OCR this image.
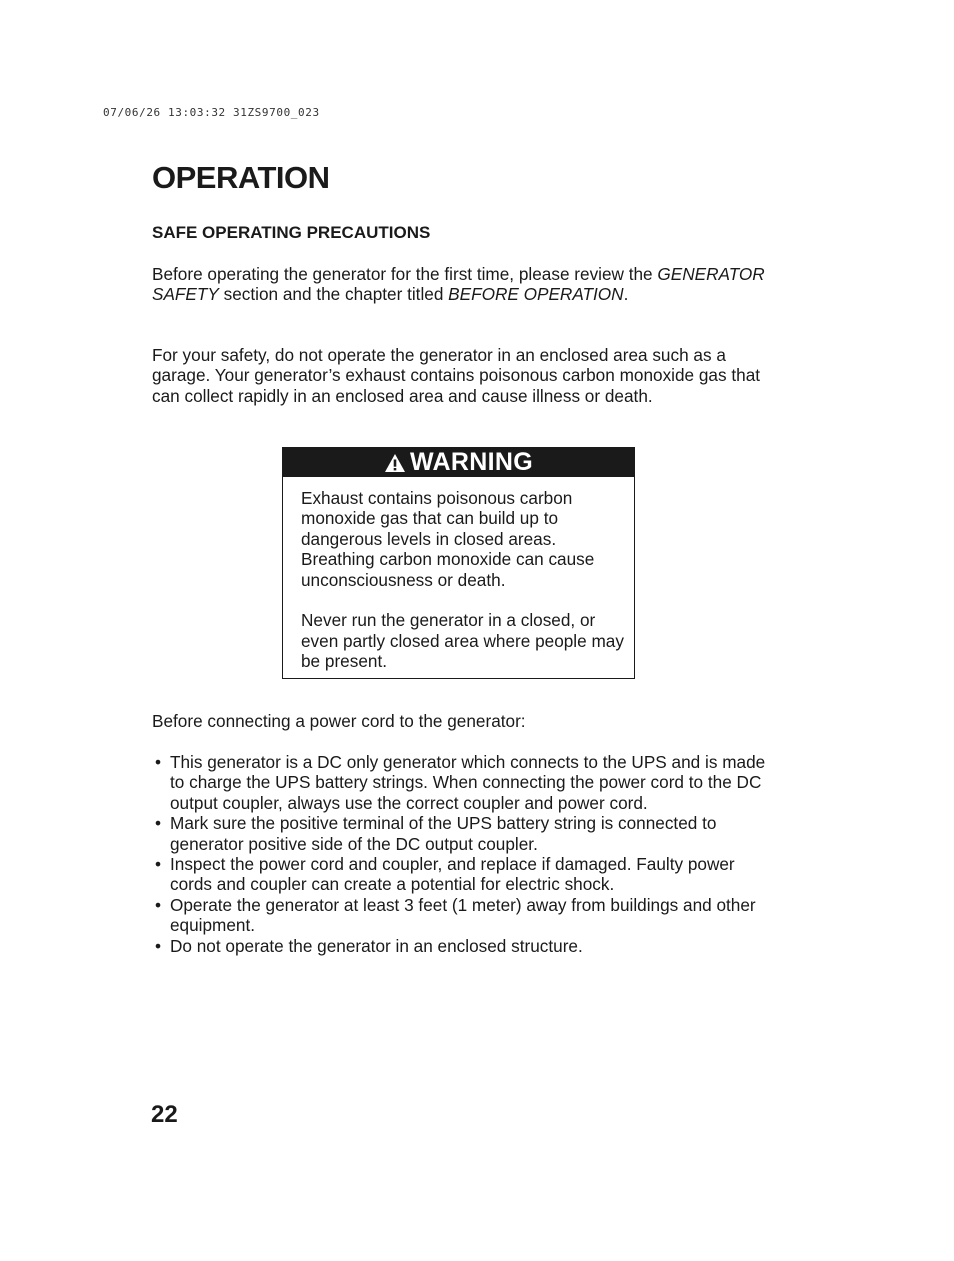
07/06/26 13:03:32 31ZS9700_023
OPERATION
SAFE OPERATING PRECAUTIONS

Before operating the generator for the first time, please review the GENERATOR SAFETY section and the chapter titled BEFORE OPERATION.

For your safety, do not operate the generator in an enclosed area such as a garage. Your generator’s exhaust contains poisonous carbon monoxide gas that can collect rapidly in an enclosed area and cause illness or death.

WARNING

Exhaust contains poisonous carbon monoxide gas that can build up to dangerous levels in closed areas. Breathing carbon monoxide can cause unconsciousness or death.

Never run the generator in a closed, or even partly closed area where people may be present.

Before connecting a power cord to the generator:

• This generator is a DC only generator which connects to the UPS and is made to charge the UPS battery strings. When connecting the power cord to the DC output coupler, always use the correct coupler and power cord.
• Mark sure the positive terminal of the UPS battery string is connected to generator positive side of the DC output coupler.
• Inspect the power cord and coupler, and replace if damaged. Faulty power cords and coupler can create a potential for electric shock.
• Operate the generator at least 3 feet (1 meter) away from buildings and other equipment.
• Do not operate the generator in an enclosed structure.
22
